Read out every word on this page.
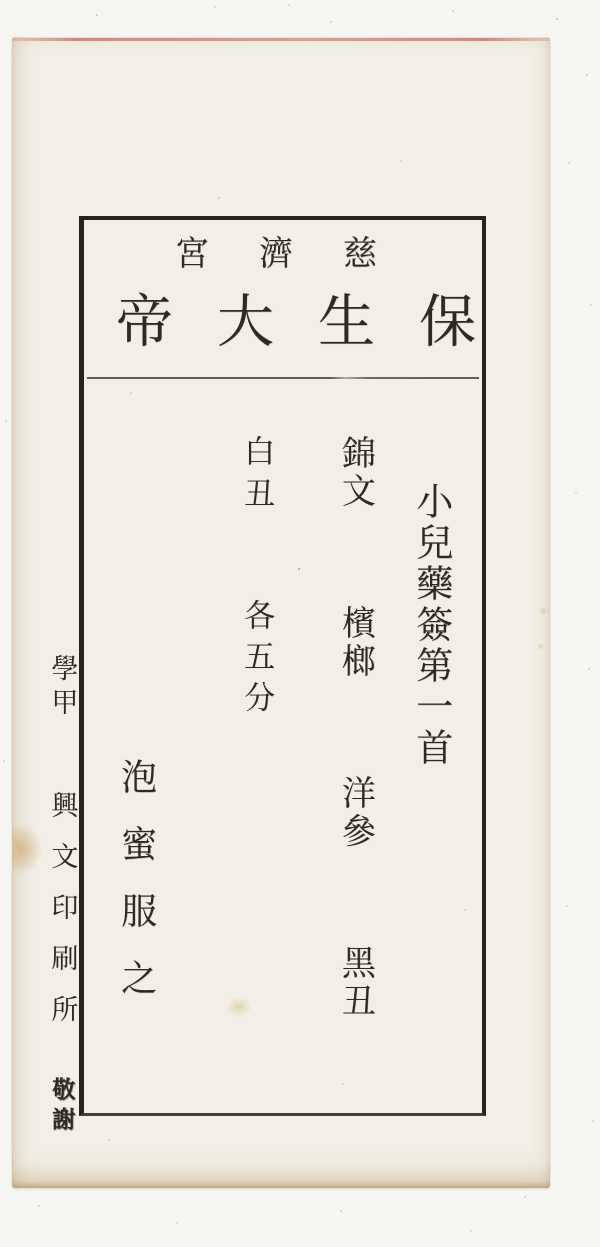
慈
濟
宮
保
生
大
帝
小兒藥簽第一首
錦文 檳榔 洋參 黑丑
白丑 各五分
泡蜜服之
學甲 興文印刷所 敬謝
